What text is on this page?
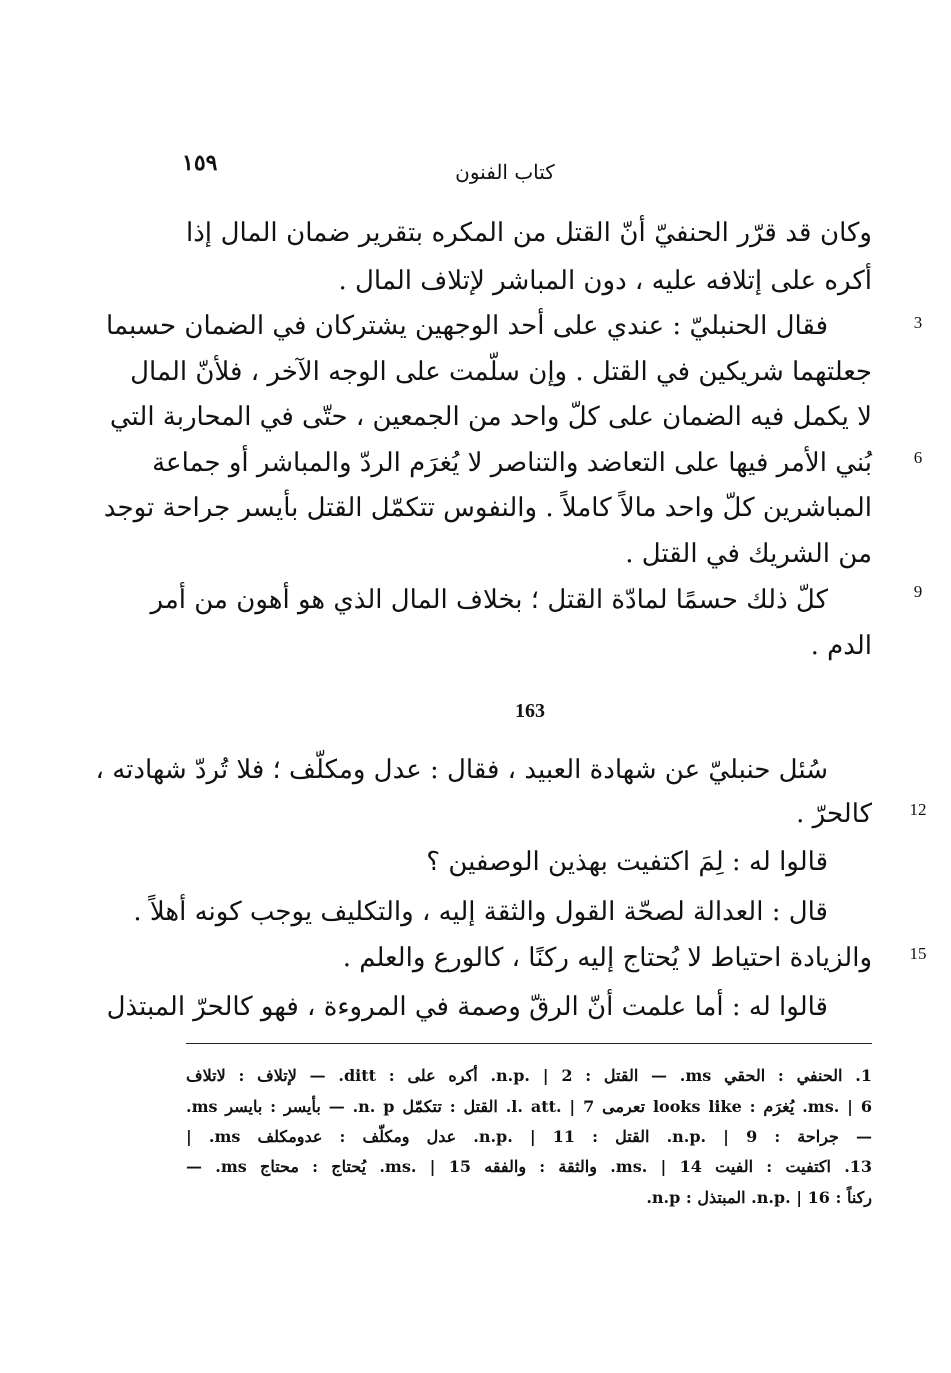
١٥٩	كتاب الفنون
وكان قد قرّر الحنفيّ أنّ القتل من المكره بتقرير ضمان المال إذا
أكره على إتلافه عليه ، دون المباشر لإتلاف المال .
فقال الحنبليّ : عندي على أحد الوجهين يشتركان في الضمان حسبما
جعلتهما شريكين في القتل . وإن سلّمت على الوجه الآخر ، فلأنّ المال
لا يكمل فيه الضمان على كلّ واحد من الجمعين ، حتّى في المحاربة التي
بُني الأمر فيها على التعاضد والتناصر لا يُغرَم الردّ والمباشر أو جماعة
المباشرين كلّ واحد مالاً كاملاً . والنفوس تتكمّل القتل بأيسر جراحة توجد
من الشريك في القتل .
كلّ ذلك حسمًا لمادّة القتل ؛ بخلاف المال الذي هو أهون من أمر
الدم .
163
سُئل حنبليّ عن شهادة العبيد ، فقال : عدل ومكلّف ؛ فلا تُردّ شهادته ،
كالحرّ .
قالوا له : لِمَ اكتفيت بهذين الوصفين ؟
قال : العدالة لصحّة القول والثقة إليه ، والتكليف يوجب كونه أهلاً .
والزيادة احتياط لا يُحتاج إليه ركنًا ، كالورع والعلم .
قالوا له : أما علمت أنّ الرقّ وصمة في المروءة ، فهو كالحرّ المبتذل
3
6
9
12
15
1. الحنفي : الحقي ms. — القتل : n.p. | 2. أكره على : ditt. — لإتلاف : لاتلاف
ms. | 6. يُغرَم : looks like تعرمى l. att. | 7. القتل : تتكمّل n. p. — بأيسر : بايسر ms.
— جراحة : n.p. | 9. القتل : n.p. | 11. عدل ومكلّف : عدومكلف ms. |
13. اكتفيت : الفيت ms. | 14. والثقة : والفقه ms. | 15. يُحتاج : محتاج ms. —
ركناً : n.p. | 16. المبتذل : n.p.
